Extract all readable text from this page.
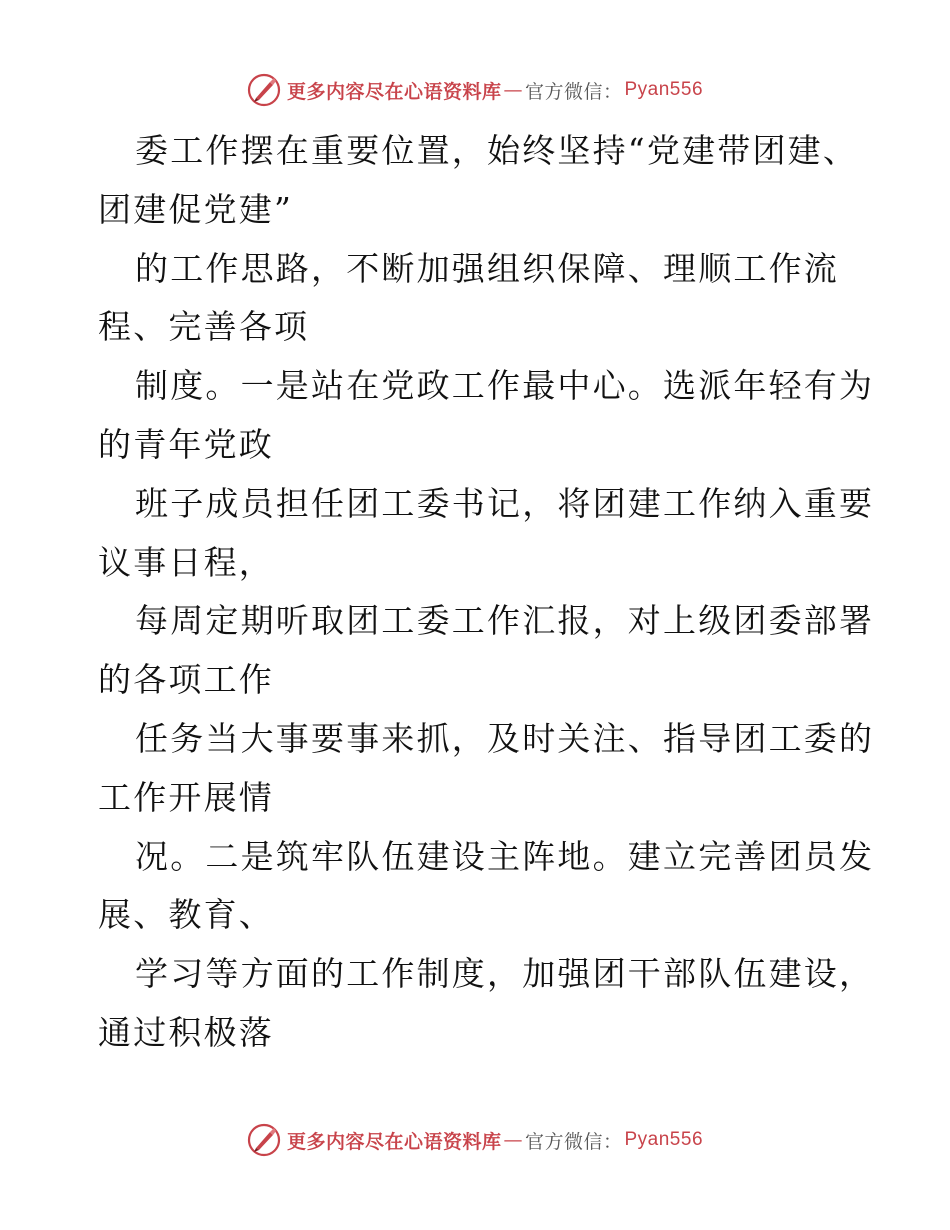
更多内容尽在心语资料库 — 官方微信： Pyan556
委工作摆在重要位置，始终坚持“党建带团建、
团建促党建”
的工作思路，不断加强组织保障、理顺工作流
程、完善各项
制度。一是站在党政工作最中心。选派年轻有为
的青年党政
班子成员担任团工委书记，将团建工作纳入重要
议事日程，
每周定期听取团工委工作汇报，对上级团委部署
的各项工作
任务当大事要事来抓，及时关注、指导团工委的
工作开展情
况。二是筑牢队伍建设主阵地。建立完善团员发
展、教育、
学习等方面的工作制度，加强团干部队伍建设，
通过积极落
更多内容尽在心语资料库 — 官方微信： Pyan556
